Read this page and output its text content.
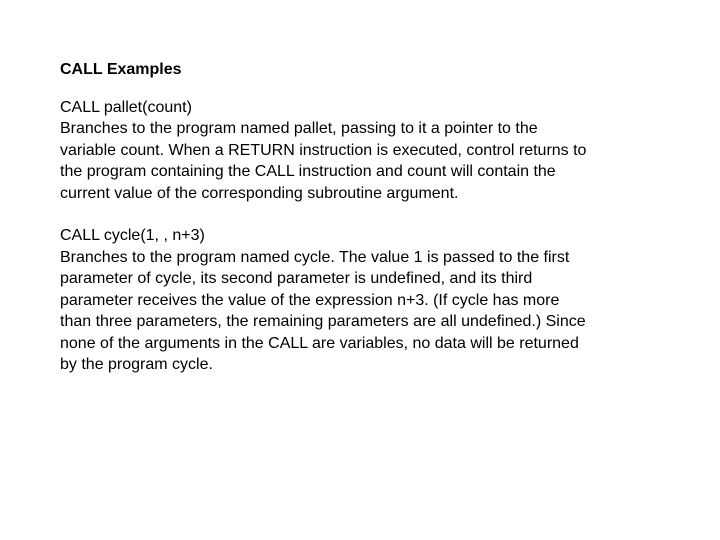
CALL Examples
CALL pallet(count)
Branches to the program named pallet, passing to it a pointer to the
variable count. When a RETURN instruction is executed, control returns to
the program containing the CALL instruction and count will contain the
current value of the corresponding subroutine argument.
CALL cycle(1, , n+3)
Branches to the program named cycle. The value 1 is passed to the first
parameter of cycle, its second parameter is undefined, and its third
parameter receives the value of the expression n+3. (If cycle has more
than three parameters, the remaining parameters are all undefined.) Since
none of the arguments in the CALL are variables, no data will be returned
by the program cycle.
